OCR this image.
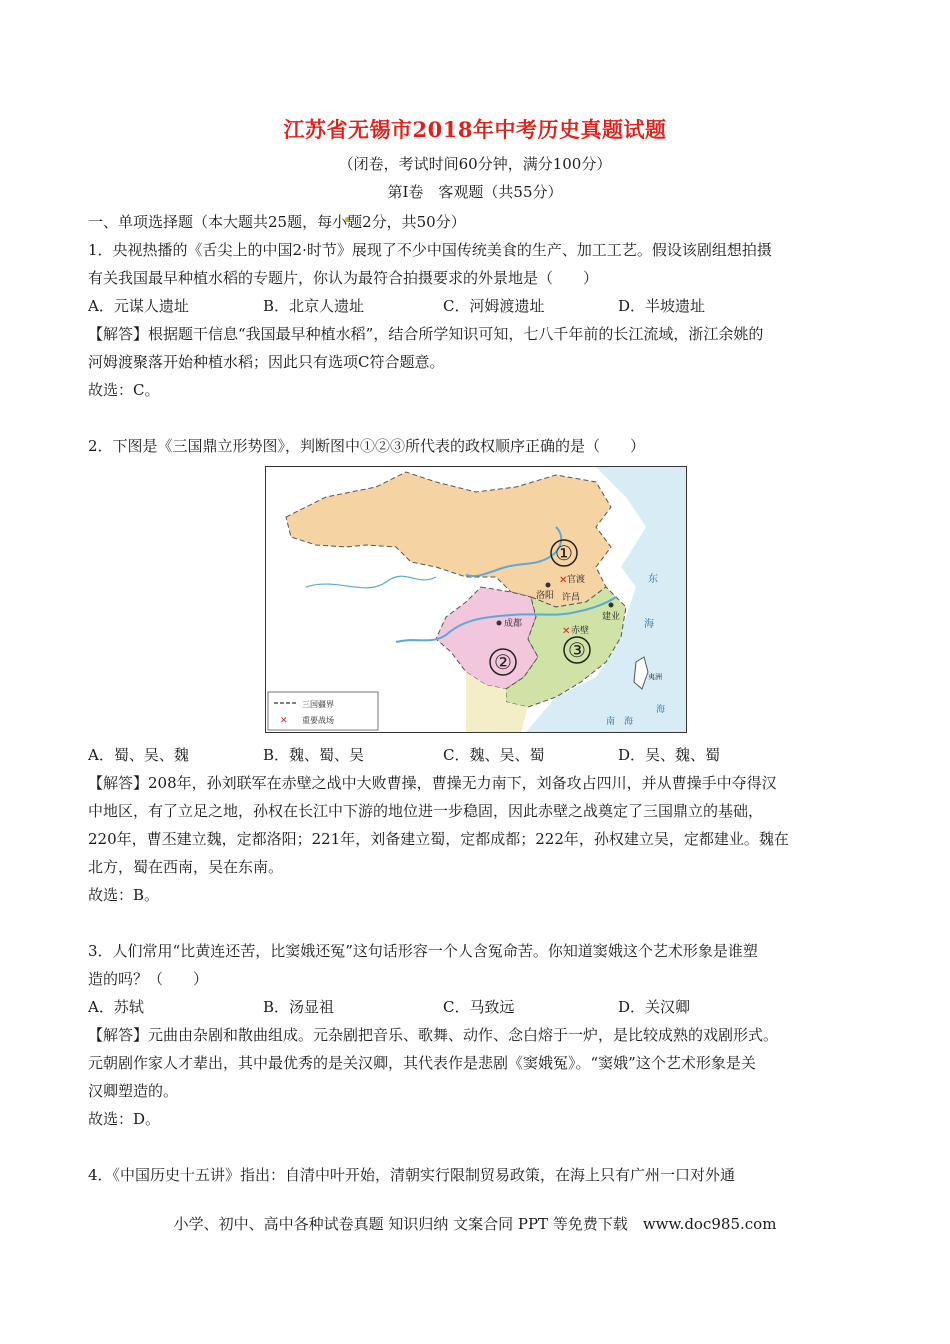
江苏省无锡市2018年中考历史真题试题
（闭卷，考试时间60分钟，满分100分）
第Ⅰ卷　客观题（共55分）
一、单项选择题（本大题共25题，每小题2分，共50分）
1．央视热播的《舌尖上的中国2·时节》展现了不少中国传统美食的生产、加工工艺。假设该剧组想拍摄
有关我国最早种植水稻的专题片，你认为最符合拍摄要求的外景地是（　　）
A．元谋人遗址	B．北京人遗址	C．河姆渡遗址	D．半坡遗址
【解答】根据题干信息“我国最早种植水稻”，结合所学知识可知，七八千年前的长江流域，浙江余姚的
河姆渡聚落开始种植水稻；因此只有选项C符合题意。
故选：C。
2．下图是《三国鼎立形势图》，判断图中①②③所代表的政权顺序正确的是（　　）
①
②	③
洛阳
官渡
许昌
成都
赤壁
建业
✕
✕
东
海
海
南　海
夷洲
三国疆界
✕ 重要战场
A．蜀、吴、魏	B．魏、蜀、吴	C．魏、吴、蜀	D．吴、魏、蜀
【解答】208年，孙刘联军在赤壁之战中大败曹操，曹操无力南下，刘备攻占四川，并从曹操手中夺得汉
中地区，有了立足之地，孙权在长江中下游的地位进一步稳固，因此赤壁之战奠定了三国鼎立的基础，
220年，曹丕建立魏，定都洛阳；221年，刘备建立蜀，定都成都；222年，孙权建立吴，定都建业。魏在
北方，蜀在西南，吴在东南。
故选：B。
3．人们常用“比黄连还苦，比窦娥还冤”这句话形容一个人含冤命苦。你知道窦娥这个艺术形象是谁塑
造的吗？（　　）
A．苏轼	B．汤显祖	C．马致远	D．关汉卿
【解答】元曲由杂剧和散曲组成。元杂剧把音乐、歌舞、动作、念白熔于一炉，是比较成熟的戏剧形式。
元朝剧作家人才辈出，其中最优秀的是关汉卿，其代表作是悲剧《窦娥冤》。“窦娥”这个艺术形象是关
汉卿塑造的。
故选：D。
4．《中国历史十五讲》指出：自清中叶开始，清朝实行限制贸易政策，在海上只有广州一口对外通
小学、初中、高中各种试卷真题 知识归纳 文案合同 PPT 等免费下载　www.doc985.com
